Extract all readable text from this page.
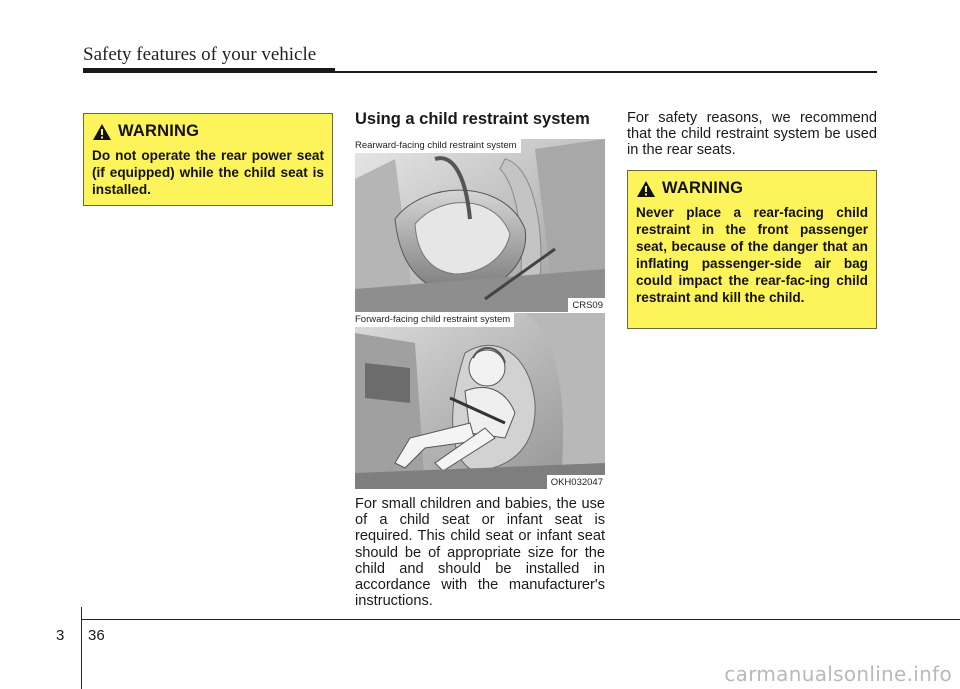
Safety features of your vehicle
WARNING
Do not operate the rear power seat (if equipped) while the child seat is installed.
Using a child restraint system
Rearward-facing child restraint system
CRS09
Forward-facing child restraint system
OKH032047
For small children and babies, the use of a child seat or infant seat is required. This child seat or infant seat should be of appropriate size for the child and should be installed in accordance with the manufacturer's instructions.
For safety reasons, we recommend that the child restraint system be used in the rear seats.
WARNING
Never place a rear-facing child restraint in the front passenger seat, because of the danger that an inflating passenger-side air bag could impact the rear-fac-ing child restraint and kill the child.
3 36
carmanualsonline.info
